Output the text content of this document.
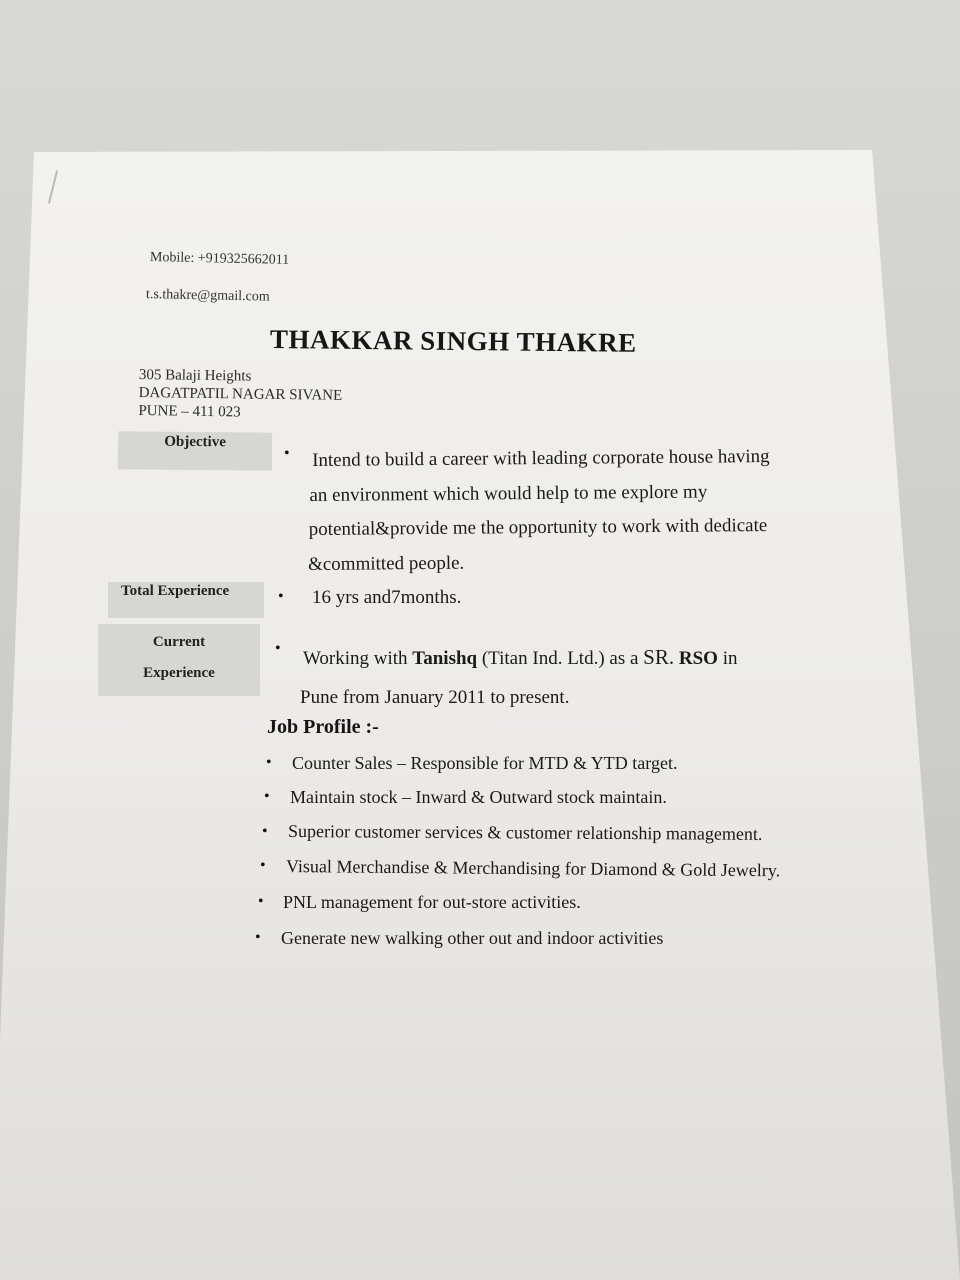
Mobile: +919325662011
t.s.thakre@gmail.com
THAKKAR SINGH THAKRE
305 Balaji Heights
DAGATPATIL NAGAR SIVANE
PUNE – 411 023
Objective
• Intend to build a career with leading corporate house having
an environment which would help to me explore my
potential&provide me the opportunity to work with dedicate
&committed people.
Total Experience	• 16 yrs and7months.
Current
Experience
• Working with Tanishq (Titan Ind. Ltd.) as a SR. RSO in
Pune from January 2011 to present.
Job Profile :-
• Counter Sales – Responsible for MTD & YTD target.
• Maintain stock – Inward & Outward stock maintain.
• Superior customer services & customer relationship management.
• Visual Merchandise & Merchandising for Diamond & Gold Jewelry.
• PNL management for out-store activities.
• Generate new walking other out and indoor activities
